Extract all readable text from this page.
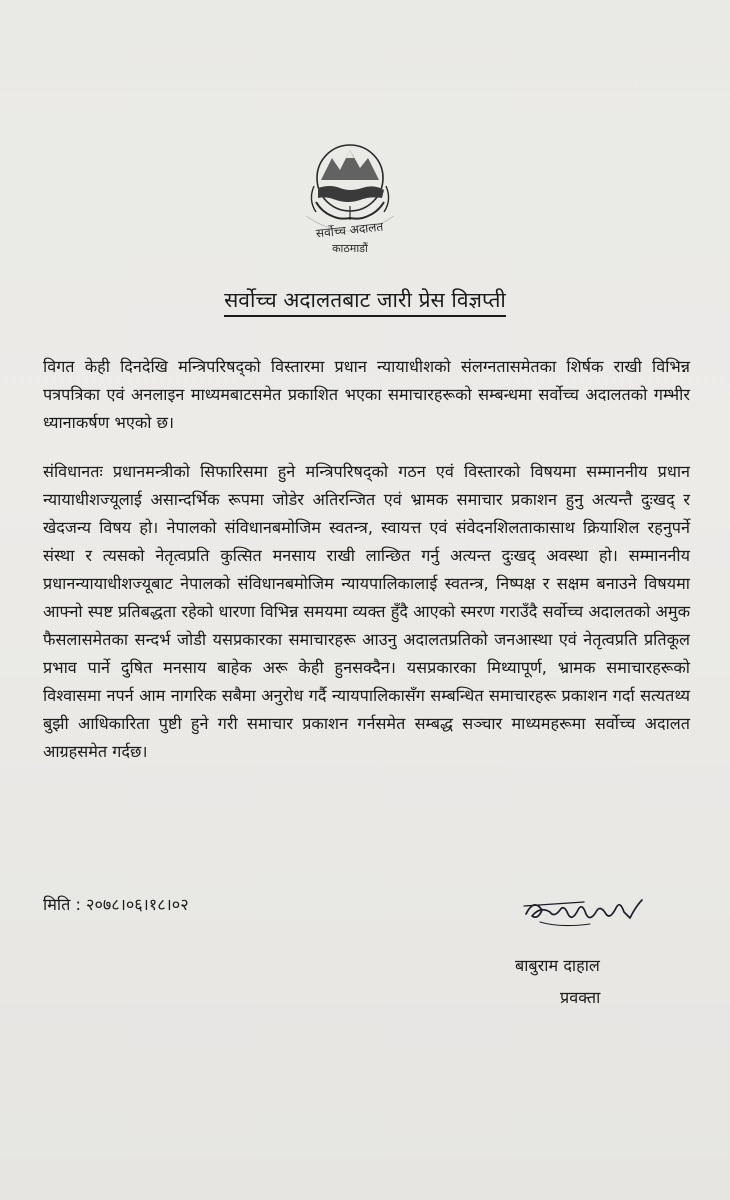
सर्वोच्च अदालत
काठमाडौं
सर्वोच्च अदालतबाट जारी प्रेस विज्ञप्ती

विगत केही दिनदेखि मन्त्रिपरिषद्को विस्तारमा प्रधान न्यायाधीशको संलग्नतासमेतका शिर्षक राखी विभिन्न पत्रपत्रिका एवं अनलाइन माध्यमबाटसमेत प्रकाशित भएका समाचारहरूको सम्बन्धमा सर्वोच्च अदालतको गम्भीर ध्यानाकर्षण भएको छ।

संविधानतः प्रधानमन्त्रीको सिफारिसमा हुने मन्त्रिपरिषद्को गठन एवं विस्तारको विषयमा सम्माननीय प्रधान न्यायाधीशज्यूलाई असान्दर्भिक रूपमा जोडेर अतिरन्जित एवं भ्रामक समाचार प्रकाशन हुनु अत्यन्तै दुःखद् र खेदजन्य विषय हो। नेपालको संविधानबमोजिम स्वतन्त्र, स्वायत्त एवं संवेदनशिलताकासाथ क्रियाशिल रहनुपर्ने संस्था र त्यसको नेतृत्वप्रति कुत्सित मनसाय राखी लान्छित गर्नु अत्यन्त दुःखद् अवस्था हो। सम्माननीय प्रधानन्यायाधीशज्यूबाट नेपालको संविधानबमोजिम न्यायपालिकालाई स्वतन्त्र, निष्पक्ष र सक्षम बनाउने विषयमा आफ्नो स्पष्ट प्रतिबद्धता रहेको धारणा विभिन्न समयमा व्यक्त हुँदै आएको स्मरण गराउँदै सर्वोच्च अदालतको अमुक फैसलासमेतका सन्दर्भ जोडी यसप्रकारका समाचारहरू आउनु अदालतप्रतिको जनआस्था एवं नेतृत्वप्रति प्रतिकूल प्रभाव पार्ने दुषित मनसाय बाहेक अरू केही हुनसक्दैन। यसप्रकारका मिथ्यापूर्ण, भ्रामक समाचारहरूको विश्वासमा नपर्न आम नागरिक सबैमा अनुरोध गर्दै न्यायपालिकासँग सम्बन्धित समाचारहरू प्रकाशन गर्दा सत्यतथ्य बुझी आधिकारिता पुष्टी हुने गरी समाचार प्रकाशन गर्नसमेत सम्बद्ध सञ्चार माध्यमहरूमा सर्वोच्च अदालत आग्रहसमेत गर्दछ।

मिति : २०७८।०६।१८।०२
बाबुराम दाहाल
प्रवक्ता
